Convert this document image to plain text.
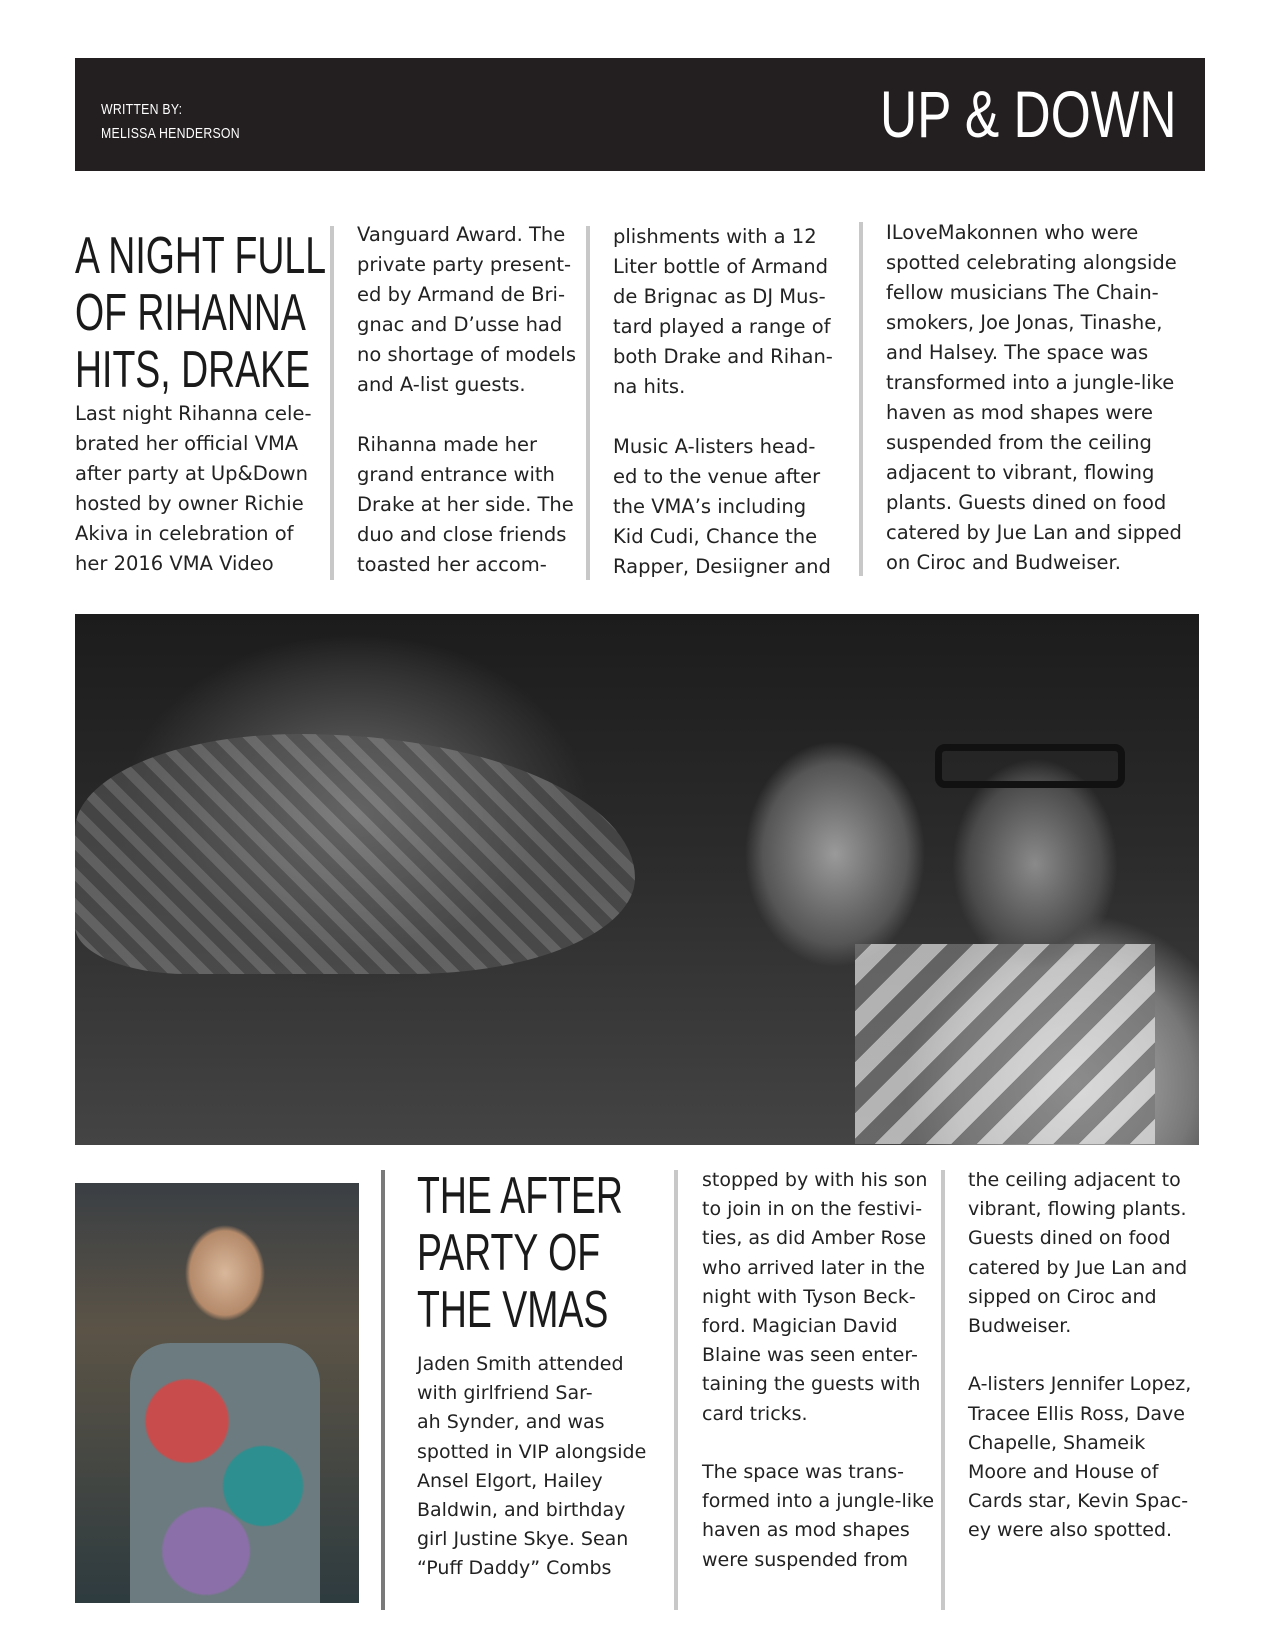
WRITTEN BY:
MELISSA HENDERSON	UP & DOWN
A NIGHT FULL
OF RIHANNA
HITS, DRAKE
Last night Rihanna cele-
brated her official VMA
after party at Up&Down
hosted by owner Richie
Akiva in celebration of
her 2016 VMA Video
Vanguard Award. The
private party present-
ed by Armand de Bri-
gnac and D’usse had
no shortage of models
and A-list guests.

Rihanna made her
grand entrance with
Drake at her side. The
duo and close friends
toasted her accom-
plishments with a 12
Liter bottle of Armand
de Brignac as DJ Mus-
tard played a range of
both Drake and Rihan-
na hits.

Music A-listers head-
ed to the venue after
the VMA’s including
Kid Cudi, Chance the
Rapper, Desiigner and
ILoveMakonnen who were
spotted celebrating alongside
fellow musicians The Chain-
smokers, Joe Jonas, Tinashe,
and Halsey. The space was
transformed into a jungle-like
haven as mod shapes were
suspended from the ceiling
adjacent to vibrant, flowing
plants. Guests dined on food
catered by Jue Lan and sipped
on Ciroc and Budweiser.
THE AFTER
PARTY OF
THE VMAS
Jaden Smith attended
with girlfriend Sar-
ah Synder, and was
spotted in VIP alongside
Ansel Elgort, Hailey
Baldwin, and birthday
girl Justine Skye. Sean
“Puff Daddy” Combs
stopped by with his son
to join in on the festivi-
ties, as did Amber Rose
who arrived later in the
night with Tyson Beck-
ford. Magician David
Blaine was seen enter-
taining the guests with
card tricks.

The space was trans-
formed into a jungle-like
haven as mod shapes
were suspended from
the ceiling adjacent to
vibrant, flowing plants.
Guests dined on food
catered by Jue Lan and
sipped on Ciroc and
Budweiser.

A-listers Jennifer Lopez,
Tracee Ellis Ross, Dave
Chapelle, Shameik
Moore and House of
Cards star, Kevin Spac-
ey were also spotted.
